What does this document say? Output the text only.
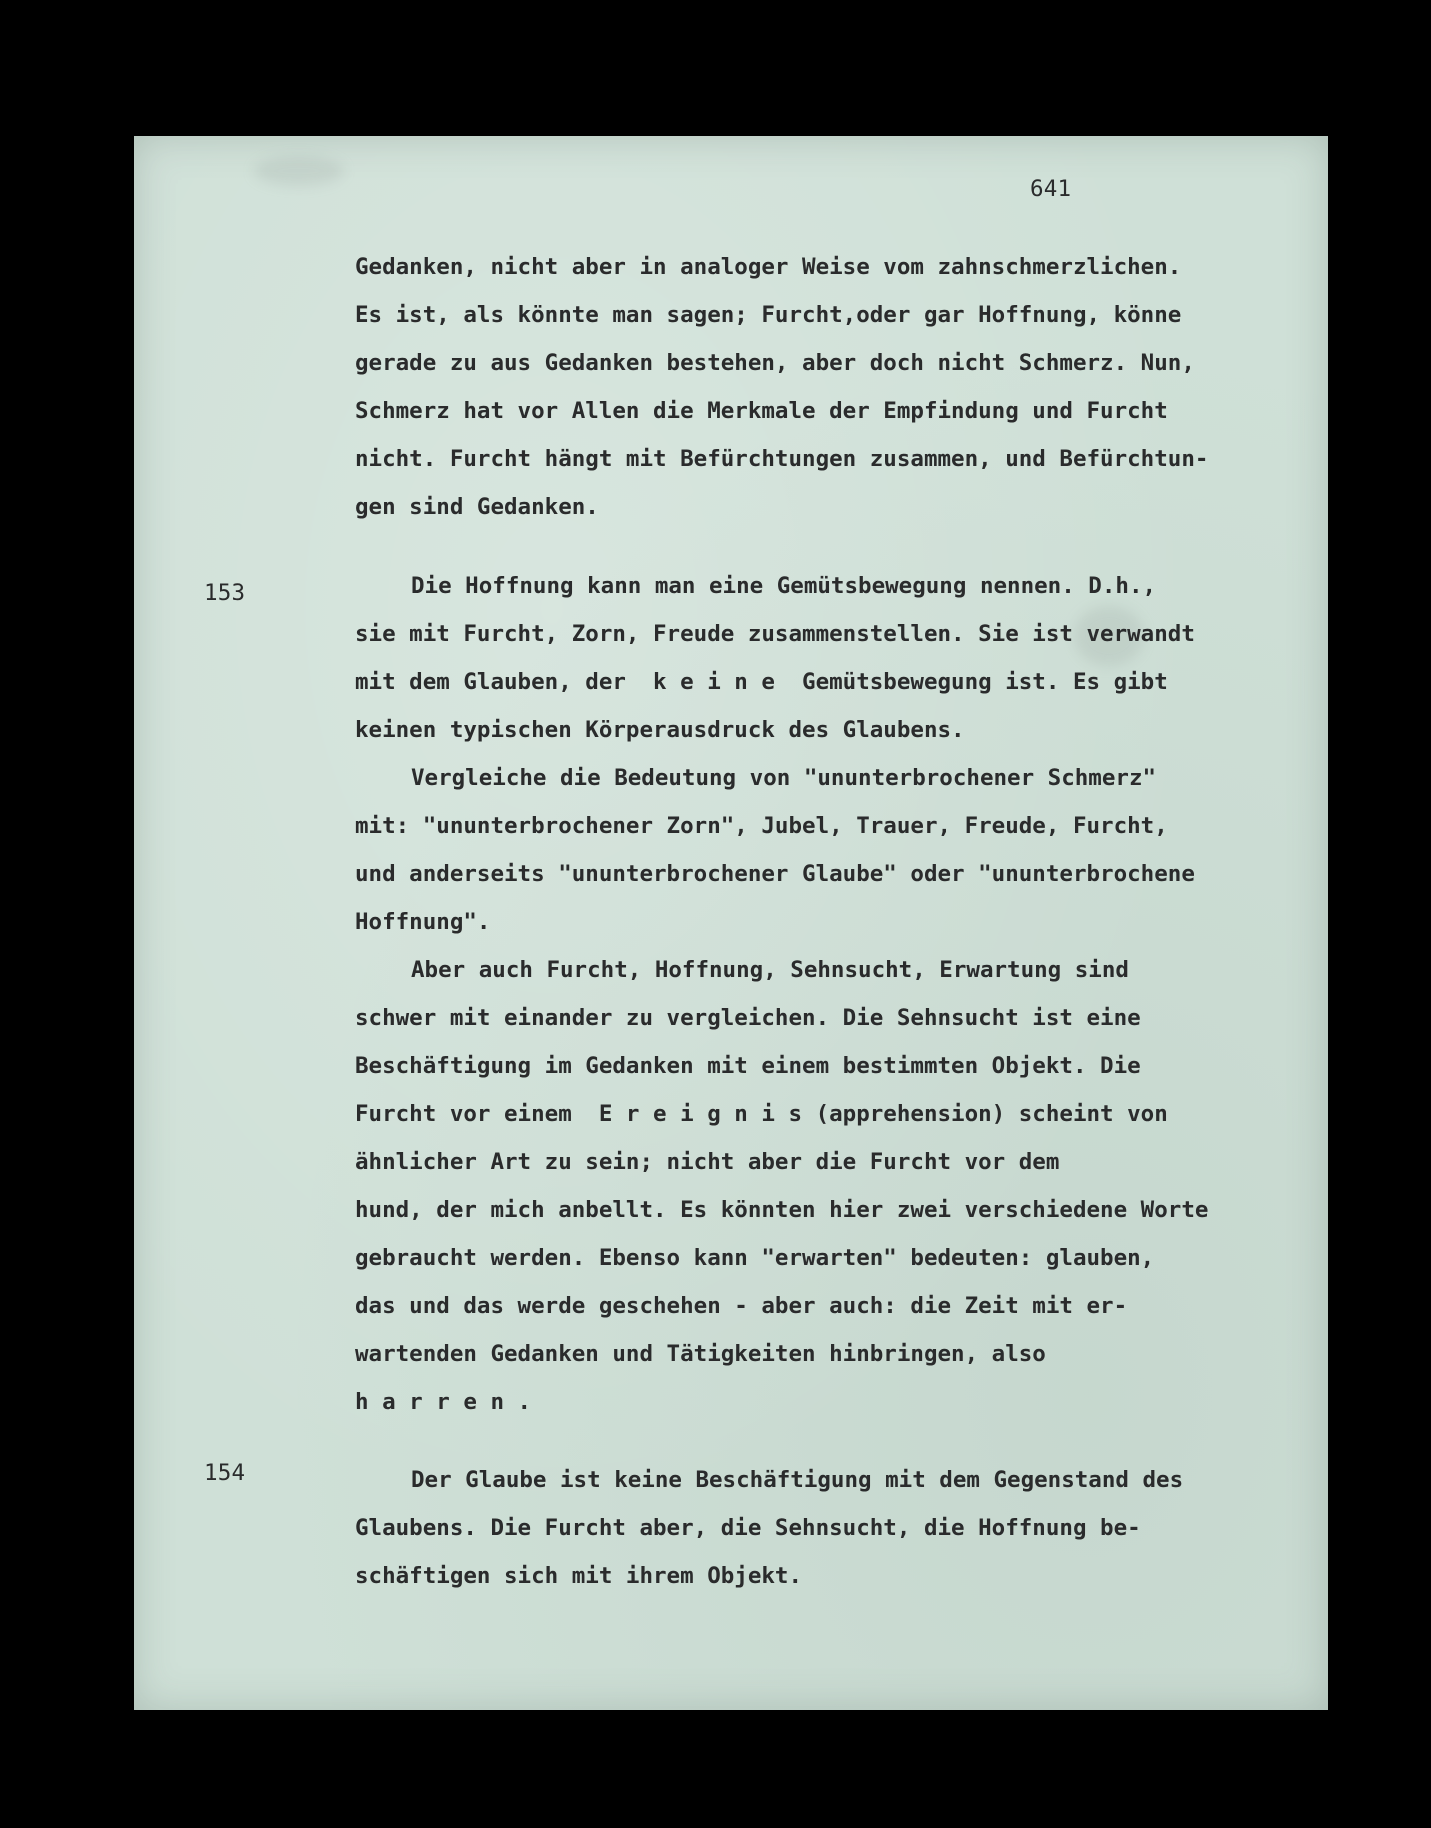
641
153
154
Gedanken, nicht aber in analoger Weise vom zahnschmerzlichen.
Es ist, als könnte man sagen; Furcht,oder gar Hoffnung, könne
gerade zu aus Gedanken bestehen, aber doch nicht Schmerz. Nun,
Schmerz hat vor Allen die Merkmale der Empfindung und Furcht
nicht. Furcht hängt mit Befürchtungen zusammen, und Befürchtun-
gen sind Gedanken.
Die Hoffnung kann man eine Gemütsbewegung nennen. D.h.,
sie mit Furcht, Zorn, Freude zusammenstellen. Sie ist verwandt
mit dem Glauben, der  k e i n e  Gemütsbewegung ist. Es gibt
keinen typischen Körperausdruck des Glaubens.
Vergleiche die Bedeutung von "ununterbrochener Schmerz"
mit: "ununterbrochener Zorn", Jubel, Trauer, Freude, Furcht,
und anderseits "ununterbrochener Glaube" oder "ununterbrochene
Hoffnung".
Aber auch Furcht, Hoffnung, Sehnsucht, Erwartung sind
schwer mit einander zu vergleichen. Die Sehnsucht ist eine
Beschäftigung im Gedanken mit einem bestimmten Objekt. Die
Furcht vor einem  E r e i g n i s (apprehension) scheint von
ähnlicher Art zu sein; nicht aber die Furcht vor dem
hund, der mich anbellt. Es könnten hier zwei verschiedene Worte
gebraucht werden. Ebenso kann "erwarten" bedeuten: glauben,
das und das werde geschehen - aber auch: die Zeit mit er-
wartenden Gedanken und Tätigkeiten hinbringen, also
h a r r e n .
Der Glaube ist keine Beschäftigung mit dem Gegenstand des
Glaubens. Die Furcht aber, die Sehnsucht, die Hoffnung be-
schäftigen sich mit ihrem Objekt.
